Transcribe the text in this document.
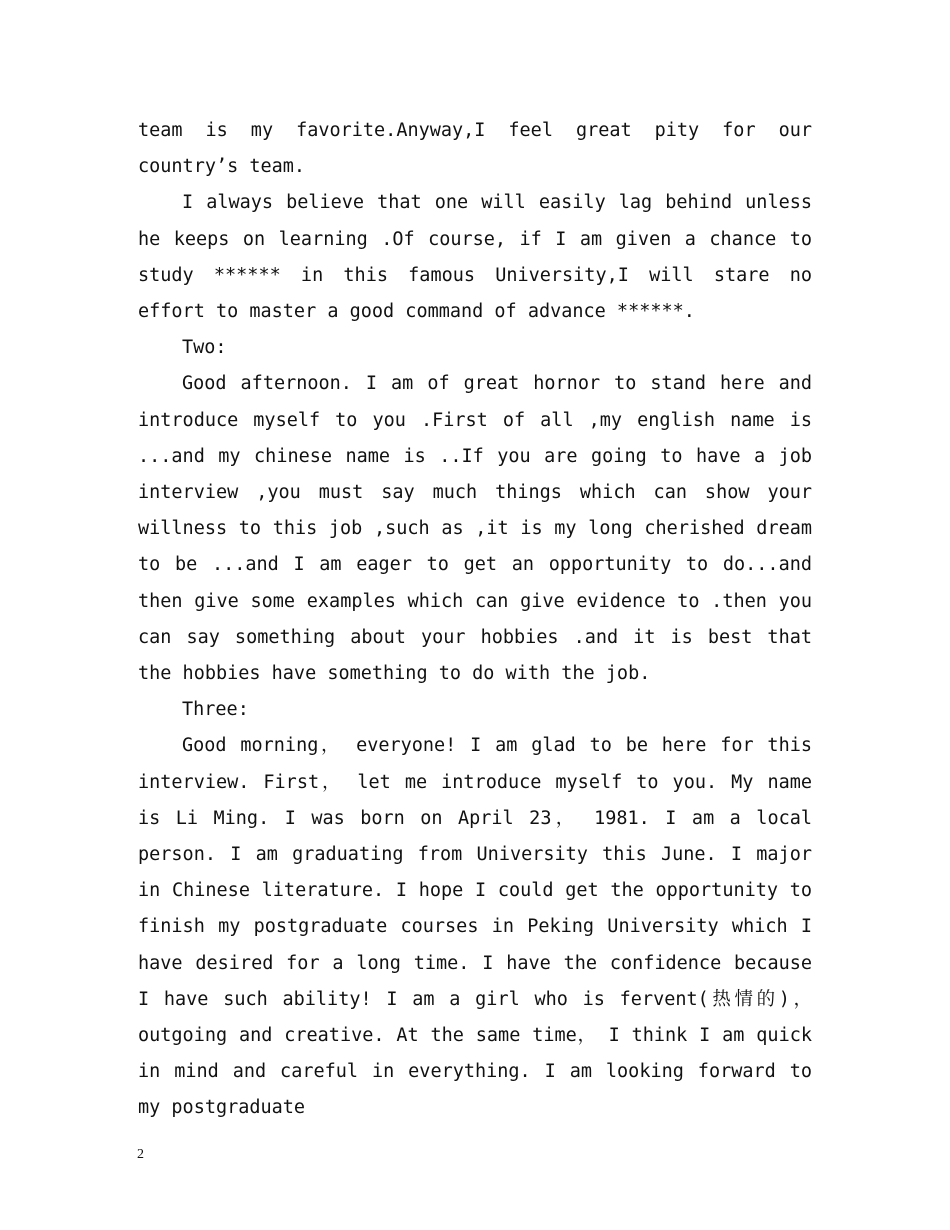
team is my favorite.Anyway,I feel great pity for our country’s team.

I always believe that one will easily lag behind unless he keeps on learning .Of course, if I am given a chance to study ****** in this famous University,I will stare no effort to master a good command of advance ******.

Two:

Good afternoon. I am of great hornor to stand here and introduce myself to you .First of all ,my english name is ...and my chinese name is ..If you are going to have a job interview ,you must say much things which can show your willness to this job ,such as ,it is my long cherished dream to be ...and I am eager to get an opportunity to do...and then give some examples which can give evidence to .then you can say something about your hobbies .and it is best that the hobbies have something to do with the job.

Three:

Good morning， everyone! I am glad to be here for this interview. First， let me introduce myself to you. My name is Li Ming. I was born on April 23， 1981. I am a local person. I am graduating from University this June. I major in Chinese literature. I hope I could get the opportunity to finish my postgraduate courses in Peking University which I have desired for a long time. I have the confidence because I have such ability! I am a girl who is fervent(热情的)， outgoing and creative. At the same time， I think I am quick in mind and careful in everything. I am looking forward to my postgraduate

2
